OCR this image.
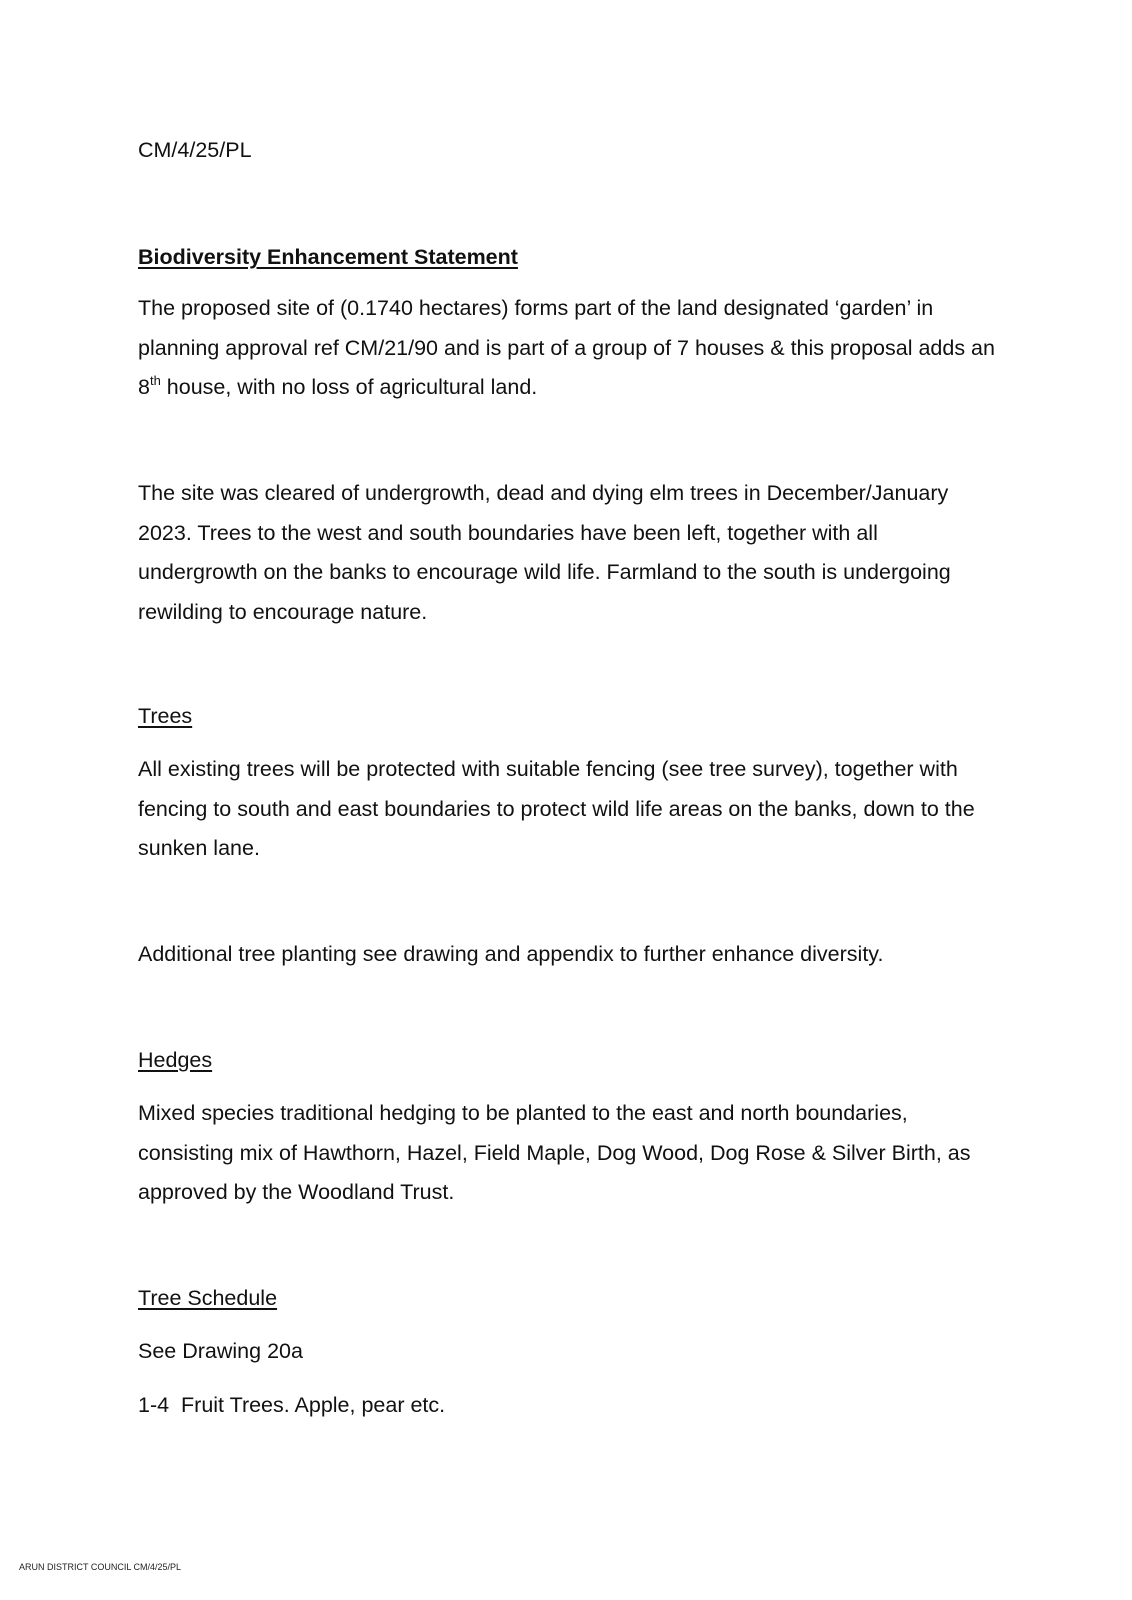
CM/4/25/PL

Biodiversity Enhancement Statement

The proposed site of (0.1740 hectares) forms part of the land designated ‘garden’ in planning approval ref CM/21/90 and is part of a group of 7 houses & this proposal adds an 8th house, with no loss of agricultural land.

The site was cleared of undergrowth, dead and dying elm trees in December/January 2023. Trees to the west and south boundaries have been left, together with all undergrowth on the banks to encourage wild life. Farmland to the south is undergoing rewilding to encourage nature.

Trees

All existing trees will be protected with suitable fencing (see tree survey), together with fencing to south and east boundaries to protect wild life areas on the banks, down to the sunken lane.

Additional tree planting see drawing and appendix to further enhance diversity.

Hedges

Mixed species traditional hedging to be planted to the east and north boundaries, consisting mix of Hawthorn, Hazel, Field Maple, Dog Wood, Dog Rose & Silver Birth, as approved by the Woodland Trust.

Tree Schedule

See Drawing 20a

1-4  Fruit Trees. Apple, pear etc.

ARUN DISTRICT COUNCIL CM/4/25/PL
